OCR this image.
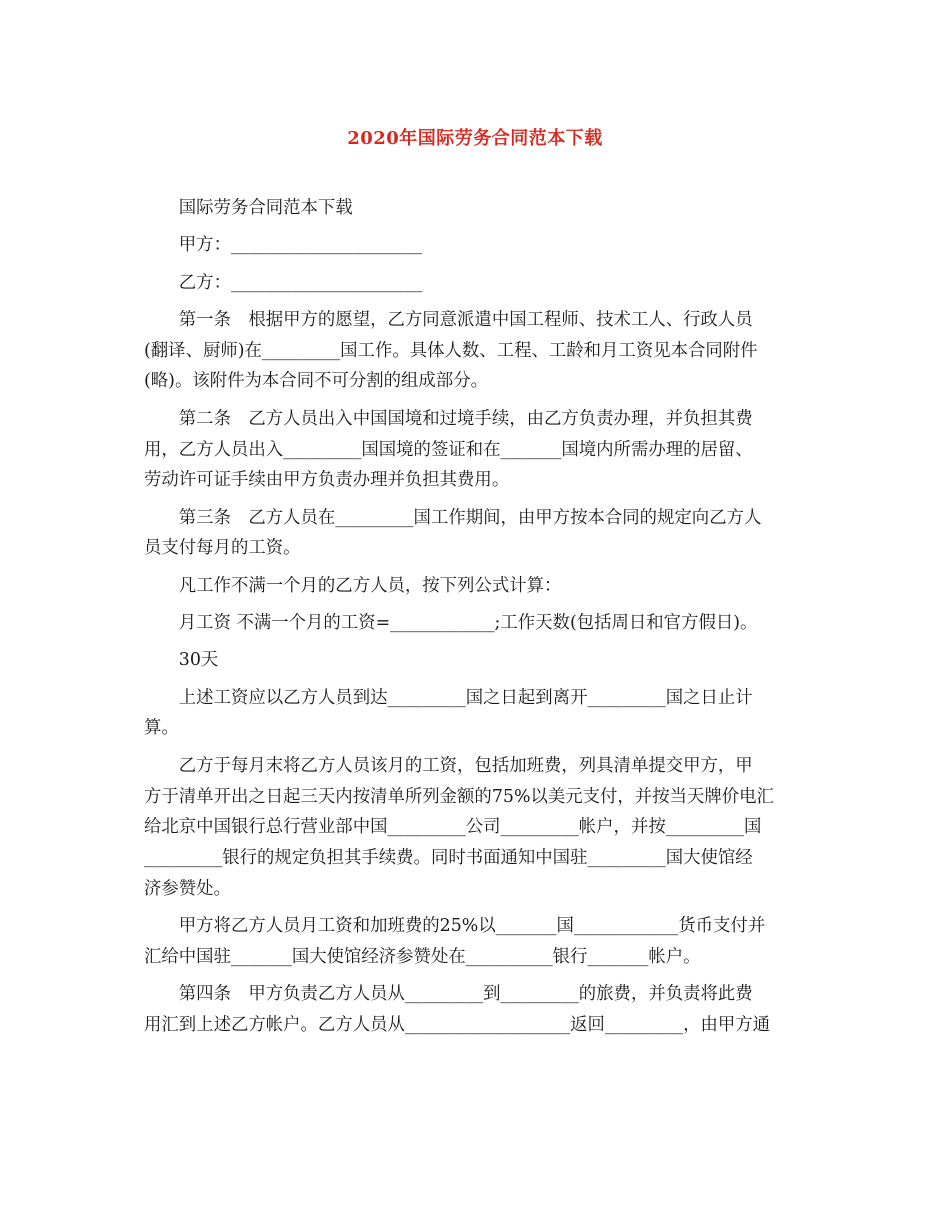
2020年国际劳务合同范本下载
　　国际劳务合同范本下载
　　甲方：______________________
　　乙方：______________________
　　第一条　根据甲方的愿望，乙方同意派遣中国工程师、技术工人、行政人员
(翻译、厨师)在_________国工作。具体人数、工程、工龄和月工资见本合同附件
(略)。该附件为本合同不可分割的组成部分。
　　第二条　乙方人员出入中国国境和过境手续，由乙方负责办理，并负担其费
用，乙方人员出入_________国国境的签证和在_______国境内所需办理的居留、
劳动许可证手续由甲方负责办理并负担其费用。
　　第三条　乙方人员在_________国工作期间，由甲方按本合同的规定向乙方人
员支付每月的工资。
　　凡工作不满一个月的乙方人员，按下列公式计算：
　　月工资 不满一个月的工资=____________;工作天数(包括周日和官方假日)。
　　30天
　　上述工资应以乙方人员到达_________国之日起到离开_________国之日止计
算。
　　乙方于每月末将乙方人员该月的工资，包括加班费，列具清单提交甲方，甲
方于清单开出之日起三天内按清单所列金额的75%以美元支付，并按当天牌价电汇
给北京中国银行总行营业部中国_________公司_________帐户，并按_________国
_________银行的规定负担其手续费。同时书面通知中国驻_________国大使馆经
济参赞处。
　　甲方将乙方人员月工资和加班费的25%以_______国____________货币支付并
汇给中国驻_______国大使馆经济参赞处在__________银行_______帐户。
　　第四条　甲方负责乙方人员从_________到_________的旅费，并负责将此费
用汇到上述乙方帐户。乙方人员从___________________返回_________，由甲方通
